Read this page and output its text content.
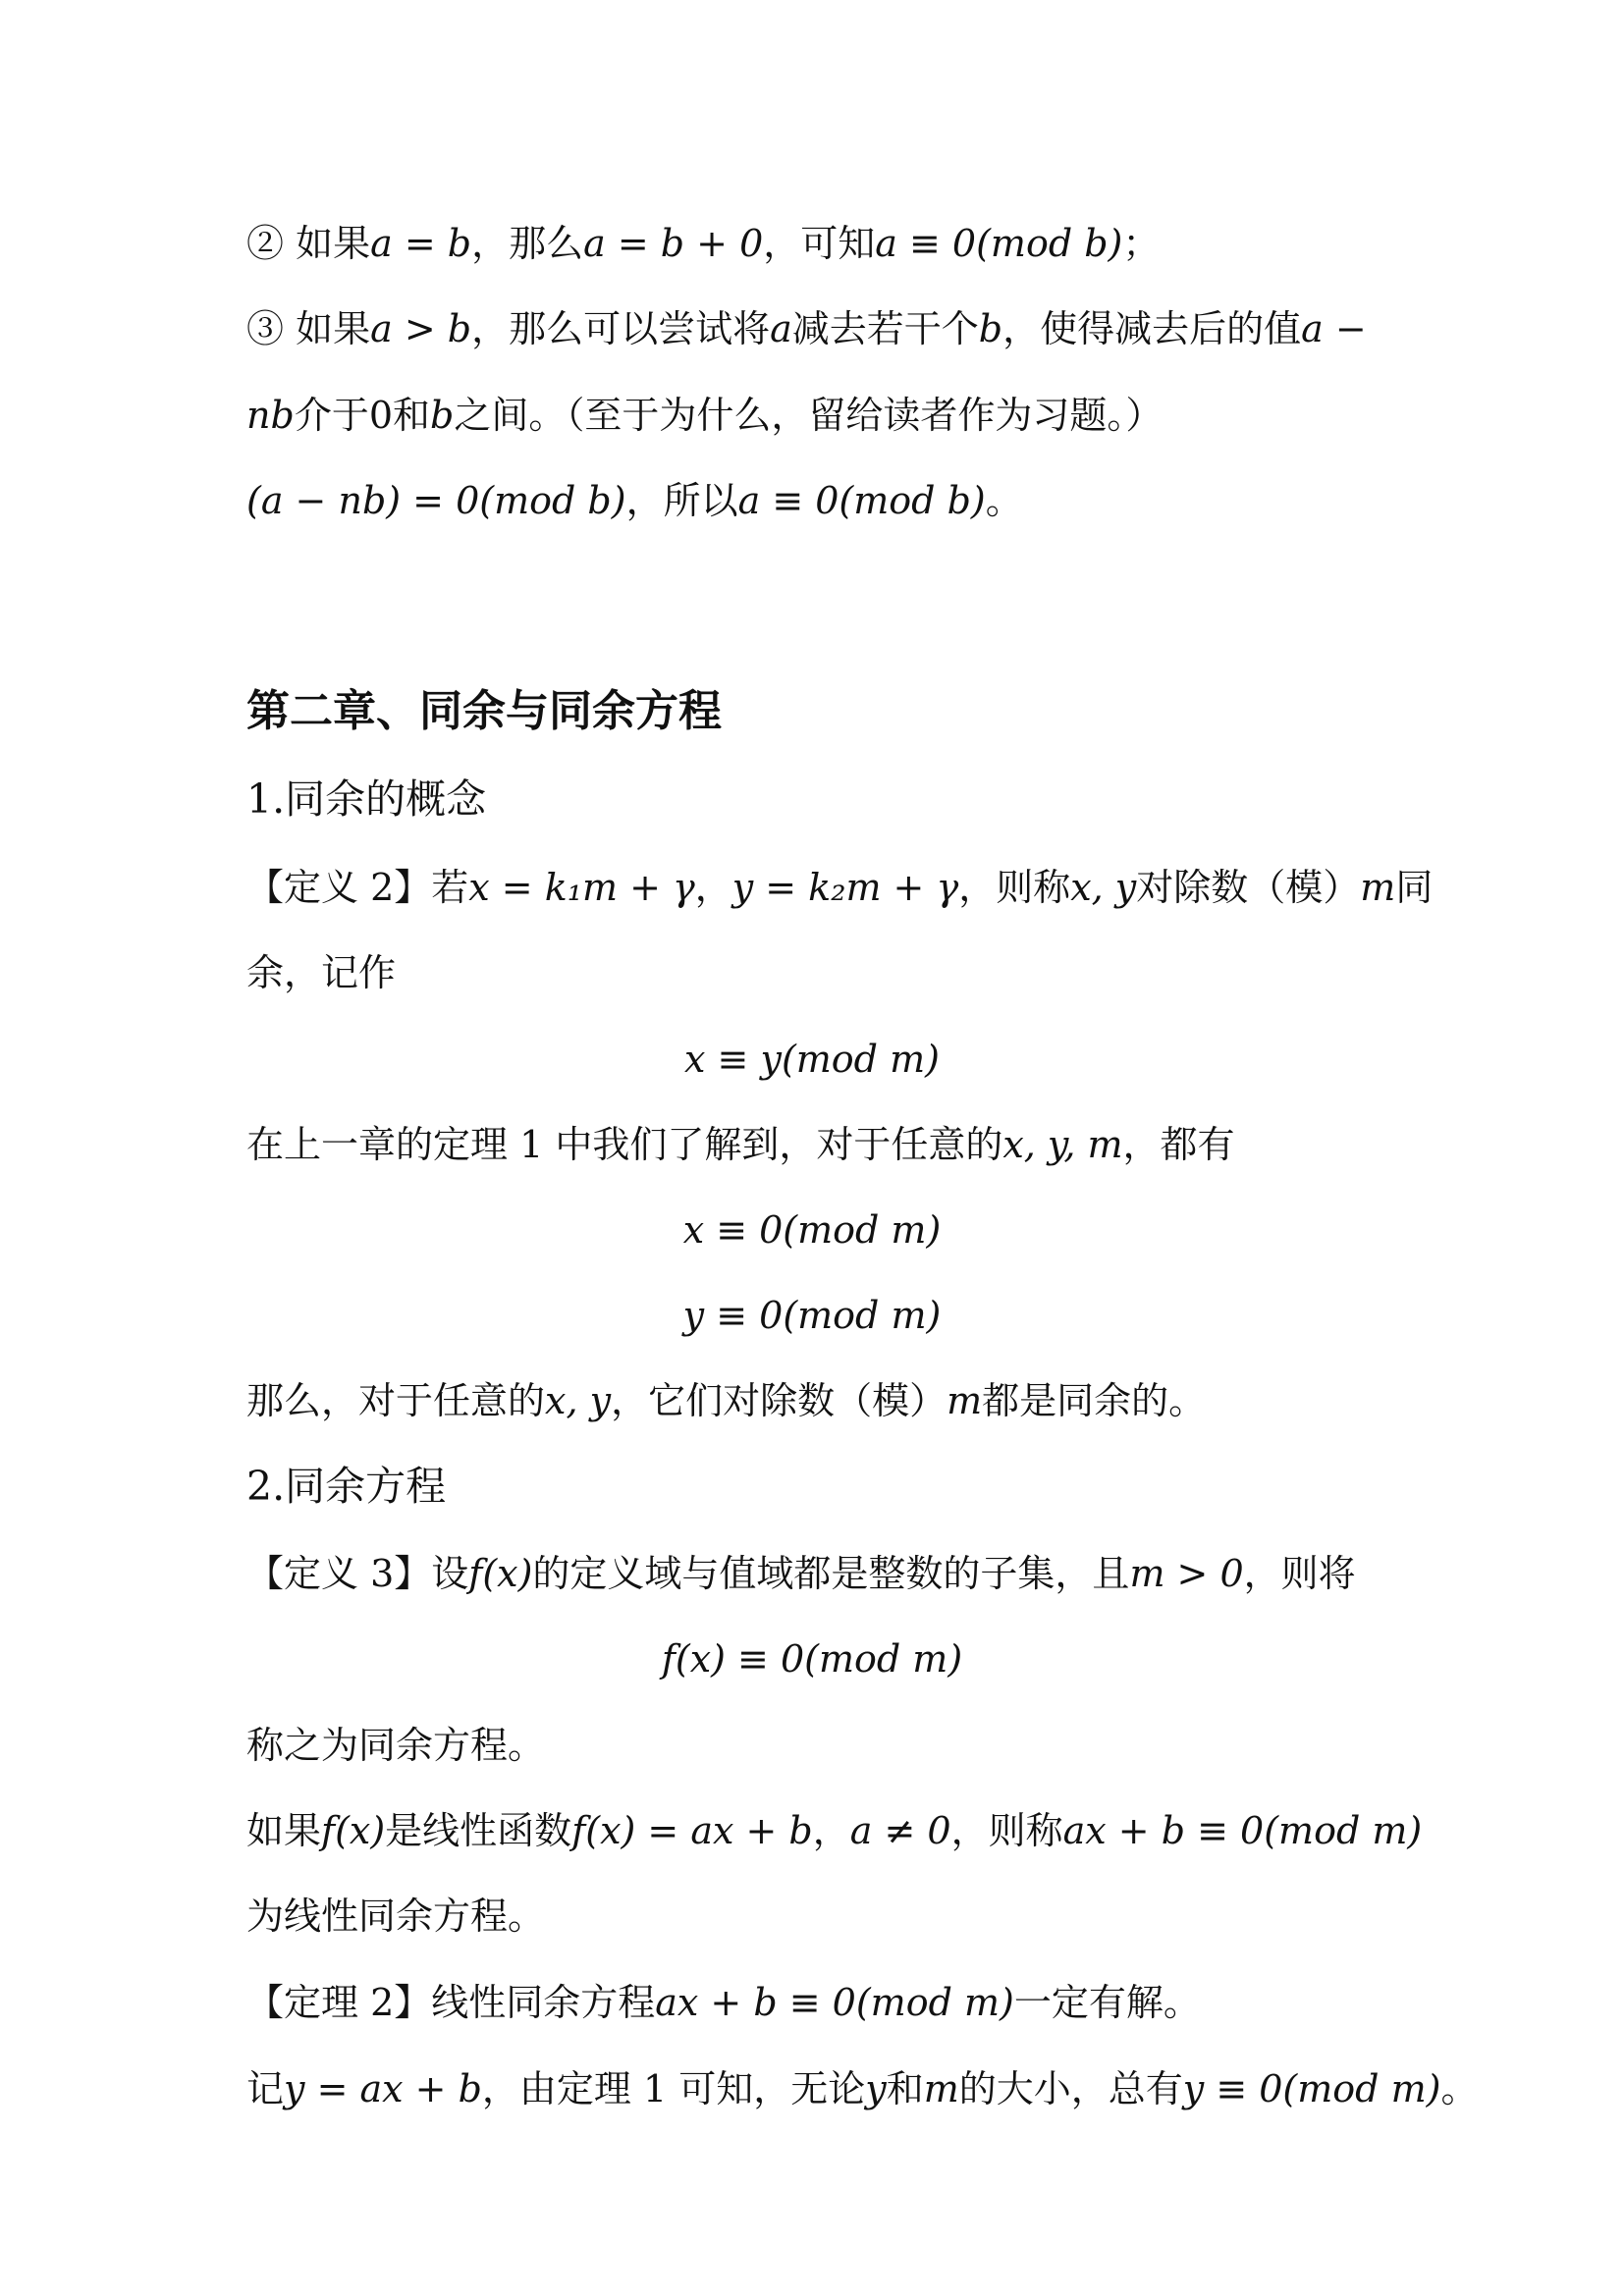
② 如果a = b，那么a = b + 0，可知a ≡ 0(mod b)；
③ 如果a > b，那么可以尝试将a减去若干个b，使得减去后的值a −
nb介于0和b之间。（至于为什么，留给读者作为习题。）
(a − nb) = 0(mod b)，所以a ≡ 0(mod b)。
第二章、同余与同余方程
1.同余的概念
【定义 2】若x = k₁m + γ，y = k₂m + γ，则称x, y对除数（模）m同
余，记作
x ≡ y(mod m)
在上一章的定理 1 中我们了解到，对于任意的x, y, m，都有
x ≡ 0(mod m)
y ≡ 0(mod m)
那么，对于任意的x, y，它们对除数（模）m都是同余的。
2.同余方程
【定义 3】设f(x)的定义域与值域都是整数的子集，且m > 0，则将
f(x) ≡ 0(mod m)
称之为同余方程。
如果f(x)是线性函数f(x) = ax + b，a ≠ 0，则称ax + b ≡ 0(mod m)
为线性同余方程。
【定理 2】线性同余方程ax + b ≡ 0(mod m)一定有解。
记y = ax + b，由定理 1 可知，无论y和m的大小，总有y ≡ 0(mod m)。
